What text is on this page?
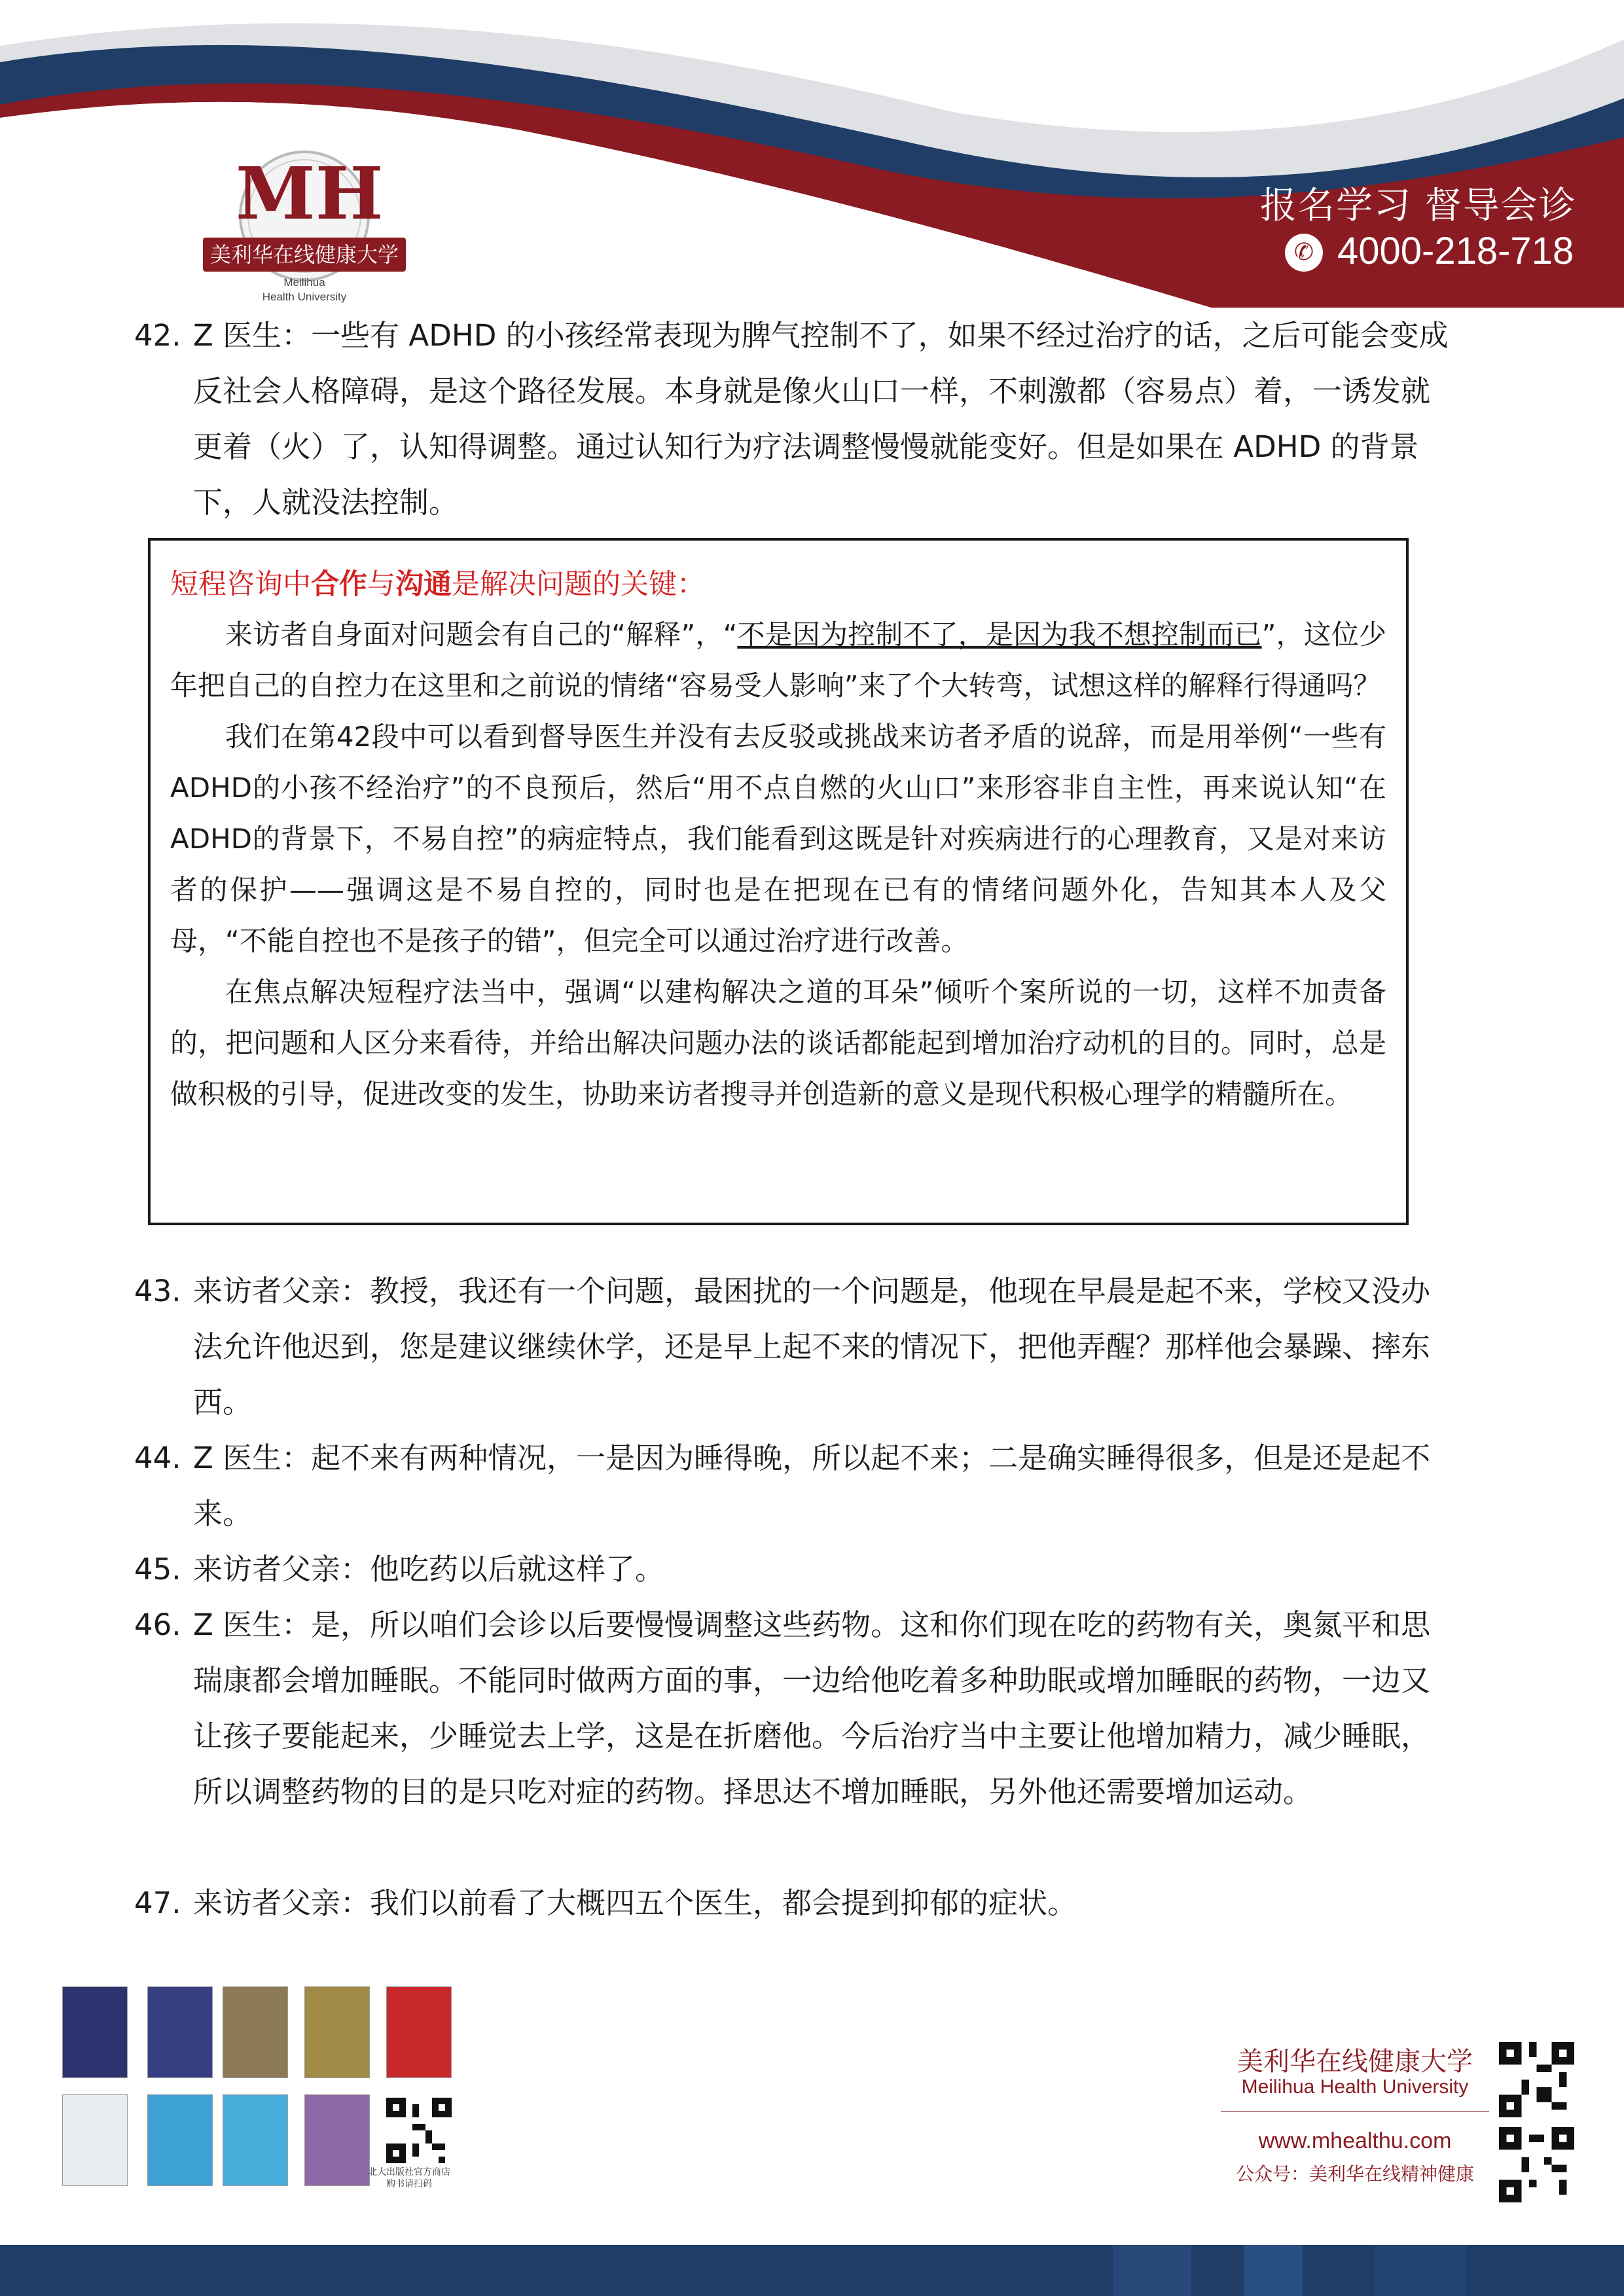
MH
美利华在线健康大学
Meilihua
Health University
报名学习 督导会诊
✆ 4000-218-718
42. Z 医生：一些有 ADHD 的小孩经常表现为脾气控制不了，如果不经过治疗的话，之后可能会变成反社会人格障碍，是这个路径发展。本身就是像火山口一样，不刺激都（容易点）着，一诱发就更着（火）了，认知得调整。通过认知行为疗法调整慢慢就能变好。但是如果在 ADHD 的背景下，人就没法控制。
短程咨询中合作与沟通是解决问题的关键：

来访者自身面对问题会有自己的“解释”，“不是因为控制不了，是因为我不想控制而已”，这位少年把自己的自控力在这里和之前说的情绪“容易受人影响”来了个大转弯，试想这样的解释行得通吗？

我们在第42段中可以看到督导医生并没有去反驳或挑战来访者矛盾的说辞，而是用举例“一些有ADHD的小孩不经治疗”的不良预后，然后“用不点自燃的火山口”来形容非自主性，再来说认知“在ADHD的背景下，不易自控”的病症特点，我们能看到这既是针对疾病进行的心理教育，又是对来访者的保护——强调这是不易自控的，同时也是在把现在已有的情绪问题外化，告知其本人及父母，“不能自控也不是孩子的错”，但完全可以通过治疗进行改善。

在焦点解决短程疗法当中，强调“以建构解决之道的耳朵”倾听个案所说的一切，这样不加责备的，把问题和人区分来看待，并给出解决问题办法的谈话都能起到增加治疗动机的目的。同时，总是做积极的引导，促进改变的发生，协助来访者搜寻并创造新的意义是现代积极心理学的精髓所在。

43. 来访者父亲：教授，我还有一个问题，最困扰的一个问题是，他现在早晨是起不来，学校又没办法允许他迟到，您是建议继续休学，还是早上起不来的情况下，把他弄醒？那样他会暴躁、摔东西。
44. Z 医生：起不来有两种情况，一是因为睡得晚，所以起不来；二是确实睡得很多，但是还是起不来。
45. 来访者父亲：他吃药以后就这样了。
46. Z 医生：是，所以咱们会诊以后要慢慢调整这些药物。这和你们现在吃的药物有关，奥氮平和思瑞康都会增加睡眠。不能同时做两方面的事，一边给他吃着多种助眠或增加睡眠的药物，一边又让孩子要能起来，少睡觉去上学，这是在折磨他。今后治疗当中主要让他增加精力，减少睡眠，所以调整药物的目的是只吃对症的药物。择思达不增加睡眠，另外他还需要增加运动。
47. 来访者父亲：我们以前看了大概四五个医生，都会提到抑郁的症状。
北大出版社官方商店
购书请扫码
美利华在线健康大学
Meilihua Health University
www.mhealthu.com
公众号：美利华在线精神健康
